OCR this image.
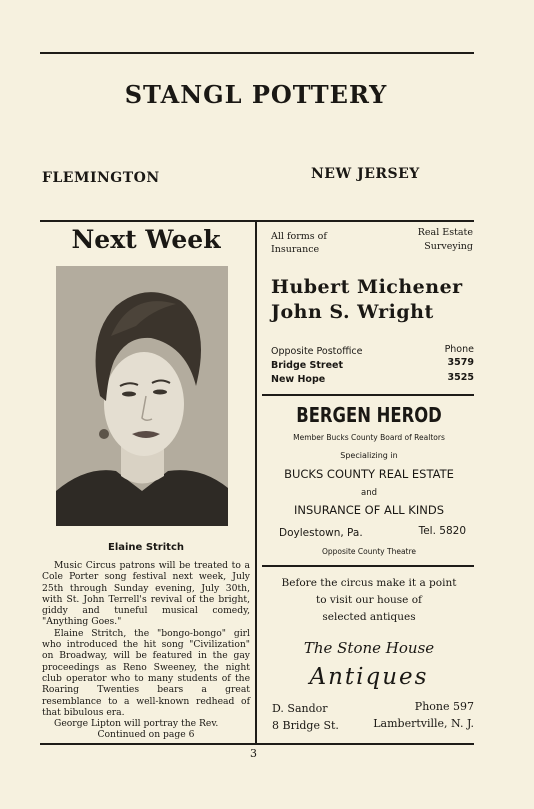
STANGL POTTERY
FLEMINGTON	NEW JERSEY
Next Week
Elaine Stritch

Music Circus patrons will be treated to a Cole Porter song festival next week, July 25th through Sunday evening, July 30th, with St. John Terrell's revival of the bright, giddy and tuneful musical comedy, "Anything Goes."

Elaine Stritch, the "bongo-bongo" girl who introduced the hit song "Civilization" on Broadway, will be featured in the gay proceedings as Reno Sweeney, the night club operator who to many students of the Roaring Twenties bears a great resemblance to a well-known redhead of that bibulous era.

George Lipton will portray the Rev.

Continued on page 6

All forms of
Insurance
Real Estate
Surveying
Hubert Michener
John S. Wright
Opposite Postoffice	Phone
Bridge Street	3579
New Hope	3525
BERGEN HEROD
Member Bucks County Board of Realtors
Specializing in
BUCKS COUNTY REAL ESTATE
and
INSURANCE OF ALL KINDS
Doylestown, Pa.	Tel. 5820
Opposite County Theatre
Before the circus make it a point
to visit our house of
selected antiques
The Stone House
Antiques
D. Sandor	Phone 597
8 Bridge St.	Lambertville, N. J.
3
